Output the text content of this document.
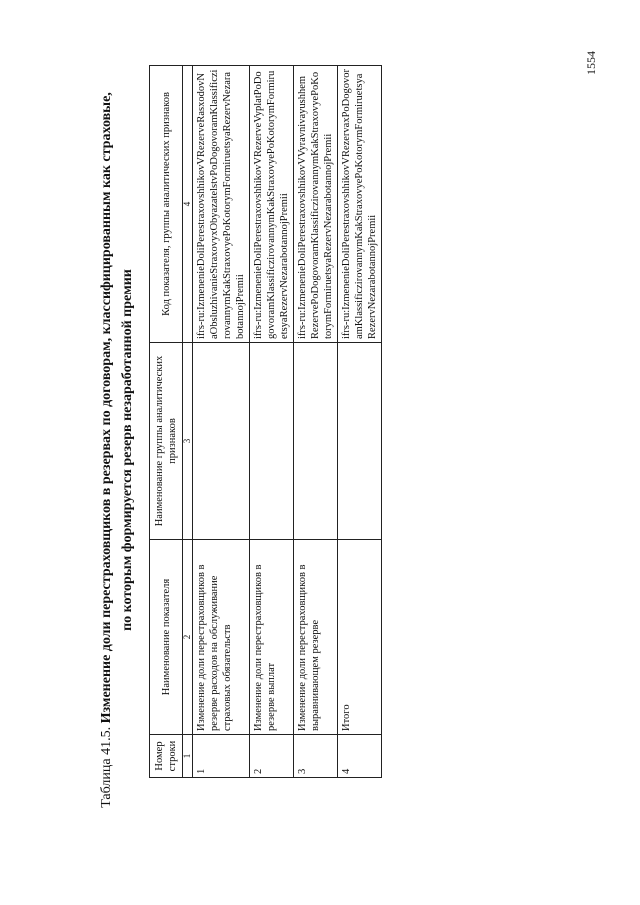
1554
Таблица 41.5. Изменение доли перестраховщиков в резервах по договорам, классифицированным как страховые, по которым формируется резерв незаработанной премии
Номер строки	Наименование показателя	Наименование группы аналитических признаков	Код показателя, группы аналитических признаков
1	2	3	4
1	Изменение доли перестраховщиков в резерве расходов на обслуживание страховых обязательств		ifrs-ru:IzmenenieDoliPerestraxovshhikovVRezerveRasxodovNaObsluzhivanieStraxovyxObyazatelstvPoDogovoramKlassificzirovannymKakStraxovyePoKotorymFormiruetsyaRezervNezarabotannojPremii
2	Изменение доли перестраховщиков в резерве выплат		ifrs-ru:IzmenenieDoliPerestraxovshhikovVRezerveVyplatPoDogovoramKlassificzirovannymKakStraxovyePoKotorymFormiruetsyaRezervNezarabotannojPremii
3	Изменение доли перестраховщиков в выравнивающем резерве		ifrs-ru:IzmenenieDoliPerestraxovshhikovVVyravnivayushhemRezervePoDogovoramKlassificzirovannymKakStraxovyePoKotorymFormiruetsyaRezervNezarabotannojPremii
4	Итого		ifrs-ru:IzmenenieDoliPerestraxovshhikovVRezervaxPoDogovoramKlassificzirovannymKakStraxovyePoKotorymFormiruetsyaRezervNezarabotannojPremii
